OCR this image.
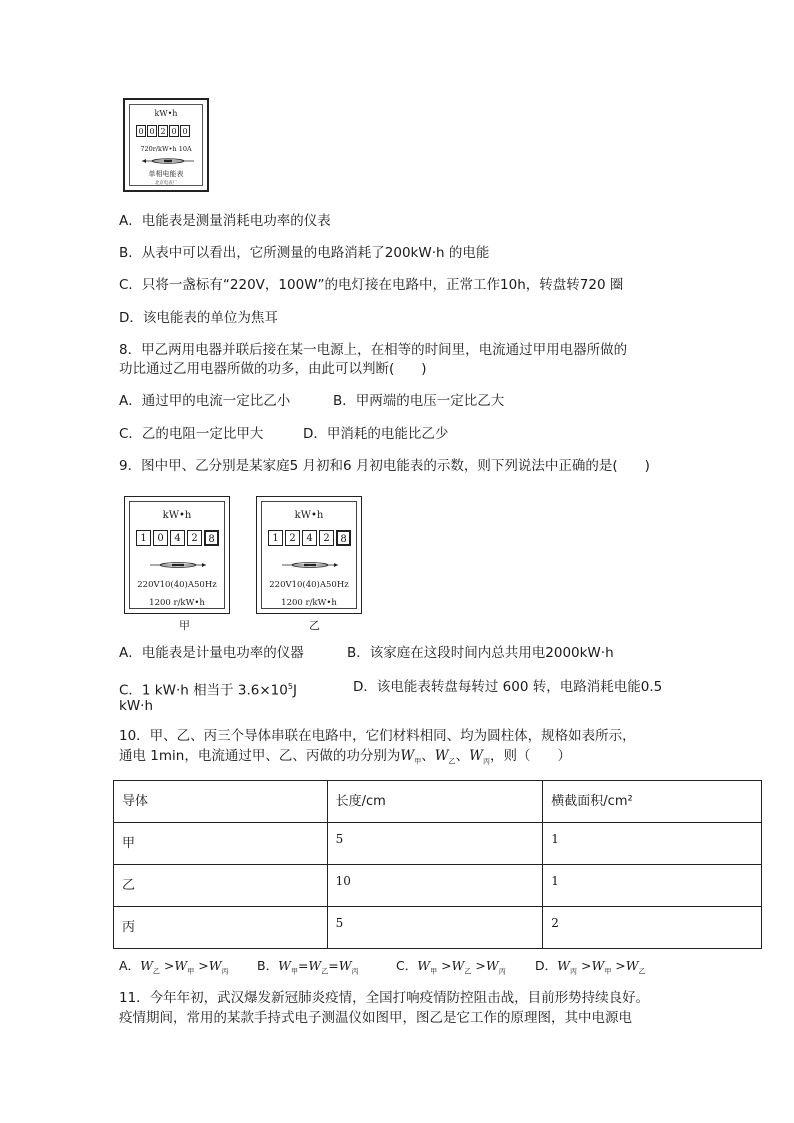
kW•h
0 0 2 0 0
720r/kW•h 10A
单相电能表
北京电表厂
A．电能表是测量消耗电功率的仪表
B．从表中可以看出，它所测量的电路消耗了200kW·h 的电能
C．只将一盏标有“220V，100W”的电灯接在电路中，正常工作10h，转盘转720 圈
D．该电能表的单位为焦耳
8．甲乙两用电器并联后接在某一电源上，在相等的时间里，电流通过甲用电器所做的
功比通过乙用电器所做的功多，由此可以判断(　　)
A．通过甲的电流一定比乙小	B．甲两端的电压一定比乙大
C．乙的电阻一定比甲大	D．甲消耗的电能比乙少
9．图中甲、乙分别是某家庭5 月初和6 月初电能表的示数，则下列说法中正确的是(　　)
kW•h
1	0	4	2	8
220V10(40)A50Hz
1200 r/kW•h
甲
kW•h
1	2	4	2	8
220V10(40)A50Hz
1200 r/kW•h
乙
A．电能表是计量电功率的仪器	B．该家庭在这段时间内总共用电2000kW·h
C．1 kW·h 相当于 $3.6\times 10^5J$	D．该电能表转盘每转过 600 转，电路消耗电能0.5
kW·h
10．甲、乙、丙三个导体串联在电路中，它们材料相同、均为圆柱体，规格如表所示，
通电 1min，电流通过甲、乙、丙做的功分别为$W_甲$、$W_乙$、$W_丙$，则（　　）
导体	长度/cm	横截面积/cm²
甲	5	1
乙	10	1
丙	5	2
A．$W_乙 >W_甲 >W_丙$ B．$W_甲=W_乙=W_丙$	C．$W_甲 >W_乙 >W_丙$ D．$W_丙 >W_甲 >W_乙$
11．今年年初，武汉爆发新冠肺炎疫情，全国打响疫情防控阻击战，目前形势持续良好。
疫情期间，常用的某款手持式电子测温仪如图甲，图乙是它工作的原理图，其中电源电
